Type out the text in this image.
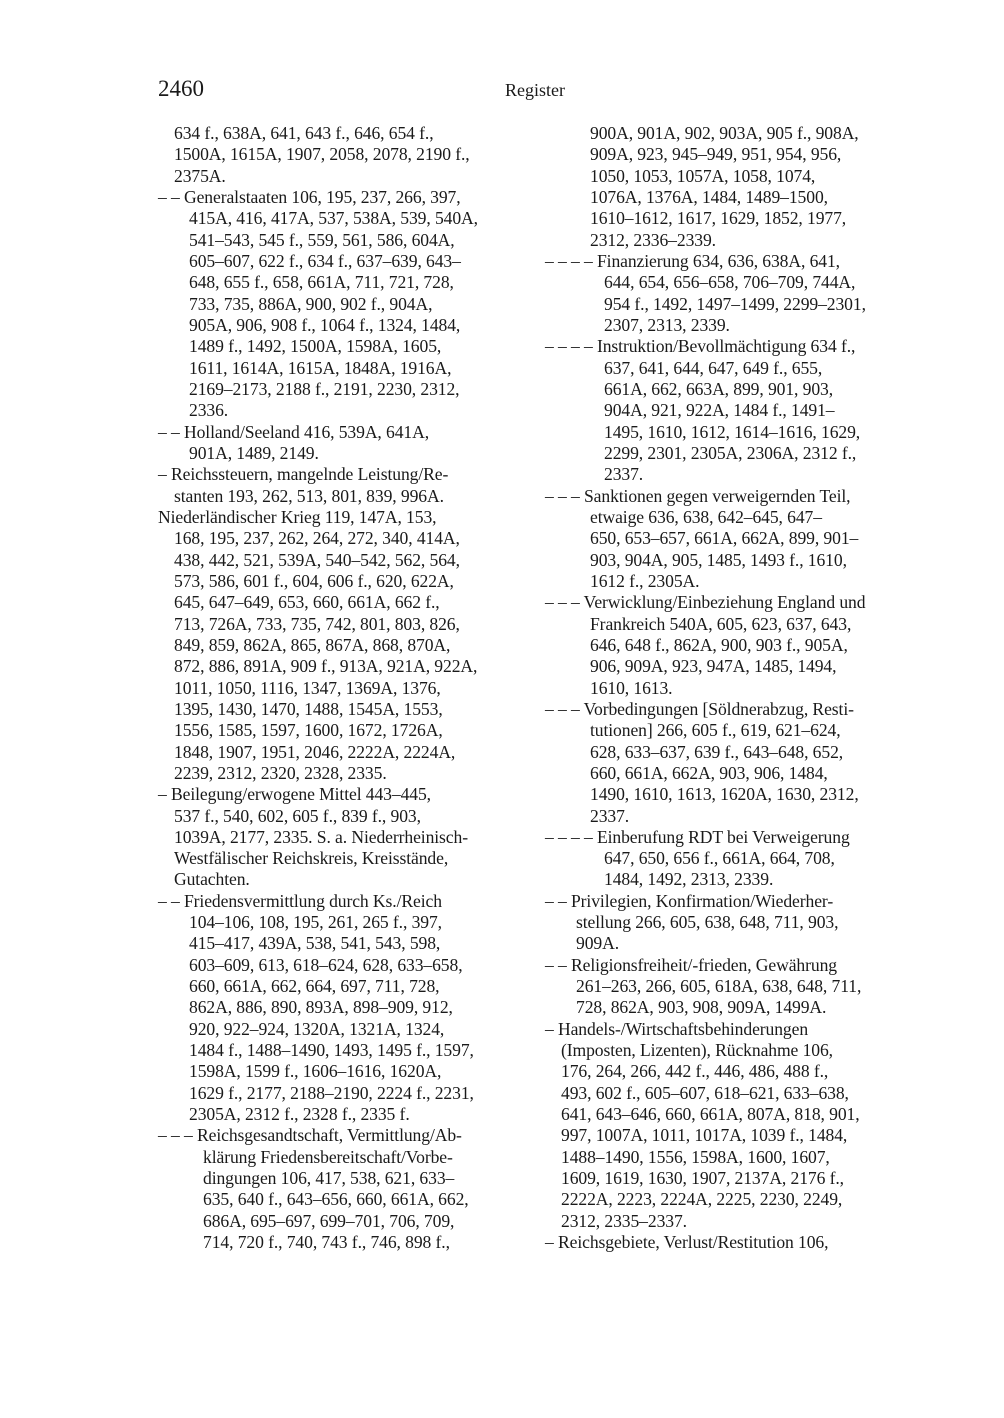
2460	Register
634 f., 638A, 641, 643 f., 646, 654 f.,
1500A, 1615A, 1907, 2058, 2078, 2190 f.,
2375A.
– – Generalstaaten 106, 195, 237, 266, 397,
415A, 416, 417A, 537, 538A, 539, 540A,
541–543, 545 f., 559, 561, 586, 604A,
605–607, 622 f., 634 f., 637–639, 643–
648, 655 f., 658, 661A, 711, 721, 728,
733, 735, 886A, 900, 902 f., 904A,
905A, 906, 908 f., 1064 f., 1324, 1484,
1489 f., 1492, 1500A, 1598A, 1605,
1611, 1614A, 1615A, 1848A, 1916A,
2169–2173, 2188 f., 2191, 2230, 2312,
2336.
– – Holland/Seeland 416, 539A, 641A,
901A, 1489, 2149.
– Reichssteuern, mangelnde Leistung/Re-
stanten 193, 262, 513, 801, 839, 996A.
Niederländischer Krieg 119, 147A, 153,
168, 195, 237, 262, 264, 272, 340, 414A,
438, 442, 521, 539A, 540–542, 562, 564,
573, 586, 601 f., 604, 606 f., 620, 622A,
645, 647–649, 653, 660, 661A, 662 f.,
713, 726A, 733, 735, 742, 801, 803, 826,
849, 859, 862A, 865, 867A, 868, 870A,
872, 886, 891A, 909 f., 913A, 921A, 922A,
1011, 1050, 1116, 1347, 1369A, 1376,
1395, 1430, 1470, 1488, 1545A, 1553,
1556, 1585, 1597, 1600, 1672, 1726A,
1848, 1907, 1951, 2046, 2222A, 2224A,
2239, 2312, 2320, 2328, 2335.
– Beilegung/erwogene Mittel 443–445,
537 f., 540, 602, 605 f., 839 f., 903,
1039A, 2177, 2335. S. a. Niederrheinisch-
Westfälischer Reichskreis, Kreisstände,
Gutachten.
– – Friedensvermittlung durch Ks./Reich
104–106, 108, 195, 261, 265 f., 397,
415–417, 439A, 538, 541, 543, 598,
603–609, 613, 618–624, 628, 633–658,
660, 661A, 662, 664, 697, 711, 728,
862A, 886, 890, 893A, 898–909, 912,
920, 922–924, 1320A, 1321A, 1324,
1484 f., 1488–1490, 1493, 1495 f., 1597,
1598A, 1599 f., 1606–1616, 1620A,
1629 f., 2177, 2188–2190, 2224 f., 2231,
2305A, 2312 f., 2328 f., 2335 f.
– – – Reichsgesandtschaft, Vermittlung/Ab-
klärung Friedensbereitschaft/Vorbe-
dingungen 106, 417, 538, 621, 633–
635, 640 f., 643–656, 660, 661A, 662,
686A, 695–697, 699–701, 706, 709,
714, 720 f., 740, 743 f., 746, 898 f.,
900A, 901A, 902, 903A, 905 f., 908A,
909A, 923, 945–949, 951, 954, 956,
1050, 1053, 1057A, 1058, 1074,
1076A, 1376A, 1484, 1489–1500,
1610–1612, 1617, 1629, 1852, 1977,
2312, 2336–2339.
– – – – Finanzierung 634, 636, 638A, 641,
644, 654, 656–658, 706–709, 744A,
954 f., 1492, 1497–1499, 2299–2301,
2307, 2313, 2339.
– – – – Instruktion/Bevollmächtigung 634 f.,
637, 641, 644, 647, 649 f., 655,
661A, 662, 663A, 899, 901, 903,
904A, 921, 922A, 1484 f., 1491–
1495, 1610, 1612, 1614–1616, 1629,
2299, 2301, 2305A, 2306A, 2312 f.,
2337.
– – – Sanktionen gegen verweigernden Teil,
etwaige 636, 638, 642–645, 647–
650, 653–657, 661A, 662A, 899, 901–
903, 904A, 905, 1485, 1493 f., 1610,
1612 f., 2305A.
– – – Verwicklung/Einbeziehung England und
Frankreich 540A, 605, 623, 637, 643,
646, 648 f., 862A, 900, 903 f., 905A,
906, 909A, 923, 947A, 1485, 1494,
1610, 1613.
– – – Vorbedingungen [Söldnerabzug, Resti-
tutionen] 266, 605 f., 619, 621–624,
628, 633–637, 639 f., 643–648, 652,
660, 661A, 662A, 903, 906, 1484,
1490, 1610, 1613, 1620A, 1630, 2312,
2337.
– – – – Einberufung RDT bei Verweigerung
647, 650, 656 f., 661A, 664, 708,
1484, 1492, 2313, 2339.
– – Privilegien, Konfirmation/Wiederher-
stellung 266, 605, 638, 648, 711, 903,
909A.
– – Religionsfreiheit/-frieden, Gewährung
261–263, 266, 605, 618A, 638, 648, 711,
728, 862A, 903, 908, 909A, 1499A.
– Handels-/Wirtschaftsbehinderungen
(Imposten, Lizenten), Rücknahme 106,
176, 264, 266, 442 f., 446, 486, 488 f.,
493, 602 f., 605–607, 618–621, 633–638,
641, 643–646, 660, 661A, 807A, 818, 901,
997, 1007A, 1011, 1017A, 1039 f., 1484,
1488–1490, 1556, 1598A, 1600, 1607,
1609, 1619, 1630, 1907, 2137A, 2176 f.,
2222A, 2223, 2224A, 2225, 2230, 2249,
2312, 2335–2337.
– Reichsgebiete, Verlust/Restitution 106,
